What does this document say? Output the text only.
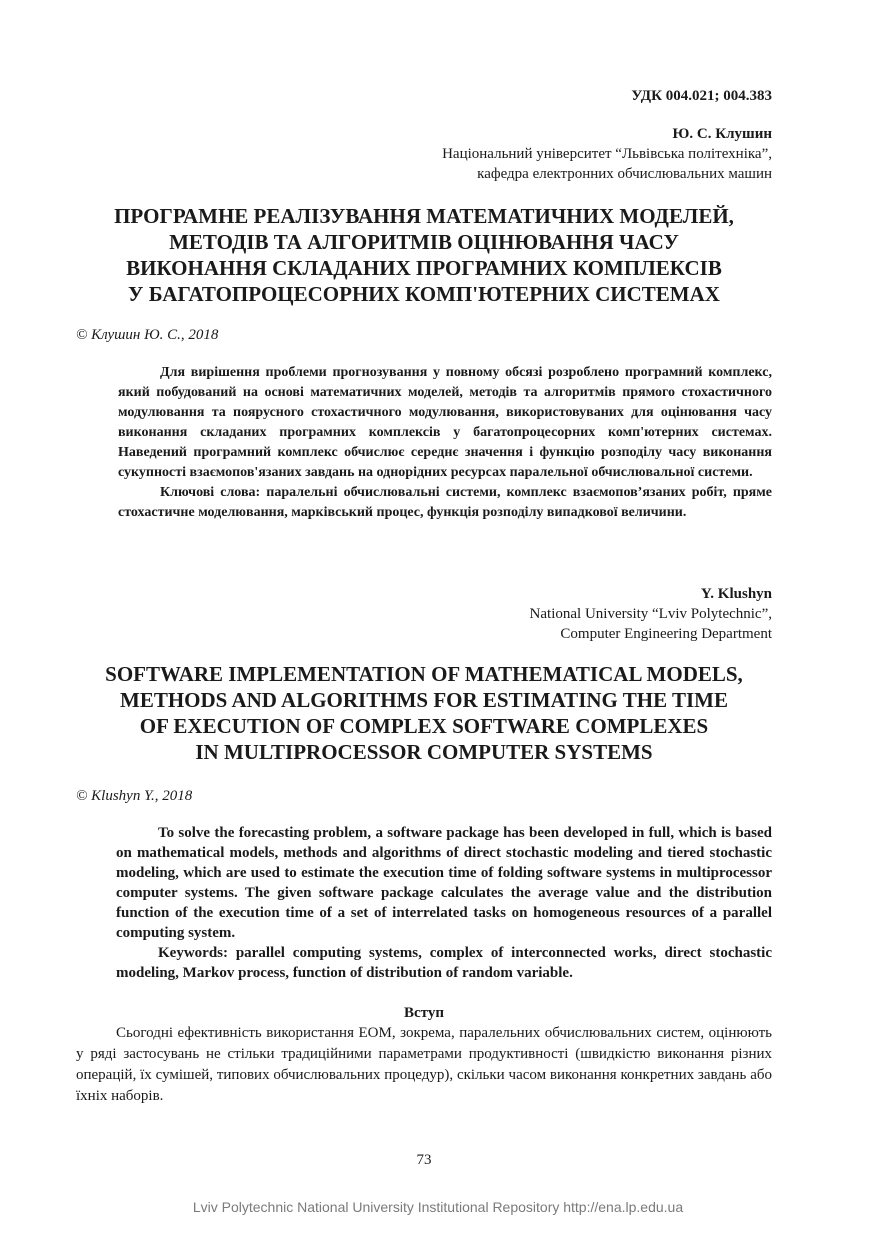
УДК 004.021; 004.383
Ю. С. Клушин
Національний університет “Львівська політехніка”,
кафедра електронних обчислювальних машин
ПРОГРАМНЕ РЕАЛІЗУВАННЯ МАТЕМАТИЧНИХ МОДЕЛЕЙ,
МЕТОДІВ ТА АЛГОРИТМІВ ОЦІНЮВАННЯ ЧАСУ
ВИКОНАННЯ СКЛАДАНИХ ПРОГРАМНИХ КОМПЛЕКСІВ
У БАГАТОПРОЦЕСОРНИХ КОМП'ЮТЕРНИХ СИСТЕМАХ
© Клушин Ю. С., 2018

Для вирішення проблеми прогнозування у повному обсязі розроблено програмний комплекс, який побудований на основі математичних моделей, методів та алгоритмів прямого стохастичного модулювання та поярусного стохастичного модулювання, використовуваних для оцінювання часу виконання складаних програмних комплексів у багатопроцесорних комп'ютерних системах. Наведений програмний комплекс обчислює середнє значення і функцію розподілу часу виконання сукупності взаємопов'язаних завдань на однорідних ресурсах паралельної обчислювальної системи.

Ключові слова: паралельні обчислювальні системи, комплекс взаємопов’язаних робіт, пряме стохастичне моделювання, марківський процес, функція розподілу випадкової величини.

Y. Klushyn
National University “Lviv Polytechnic”,
Computer Engineering Department
SOFTWARE IMPLEMENTATION OF MATHEMATICAL MODELS,
METHODS AND ALGORITHMS FOR ESTIMATING THE TIME
OF EXECUTION OF COMPLEX SOFTWARE COMPLEXES
IN MULTIPROCESSOR COMPUTER SYSTEMS
© Klushyn Y., 2018

To solve the forecasting problem, a software package has been developed in full, which is based on mathematical models, methods and algorithms of direct stochastic modeling and tiered stochastic modeling, which are used to estimate the execution time of folding software systems in multiprocessor computer systems. The given software package calculates the average value and the distribution function of the execution time of a set of interrelated tasks on homogeneous resources of a parallel computing system.

Keywords: parallel computing systems, complex of interconnected works, direct stochastic modeling, Markov process, function of distribution of random variable.

Вступ

Сьогодні ефективність використання ЕОМ, зокрема, паралельних обчислювальних систем, оцінюють у ряді застосувань не стільки традиційними параметрами продуктивності (швидкістю виконання різних операцій, їх сумішей, типових обчислювальних процедур), скільки часом виконання конкретних завдань або їхніх наборів.

73
Lviv Polytechnic National University Institutional Repository http://ena.lp.edu.ua
